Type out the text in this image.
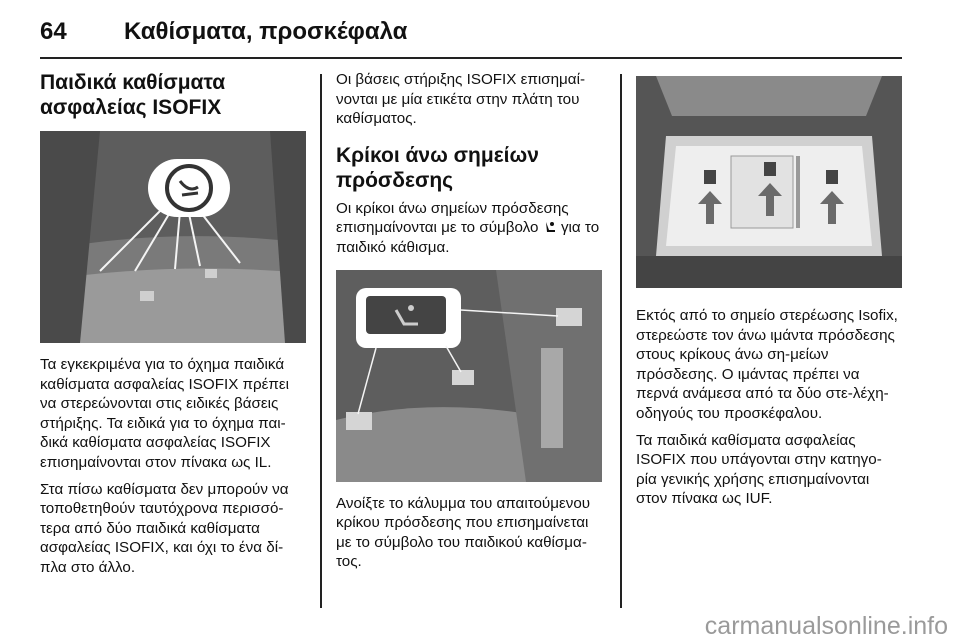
64 Καθίσματα, προσκέφαλα
Παιδικά καθίσματα ασφαλείας ISOFIX

Τα εγκεκριμένα για το όχημα παιδικά καθίσματα ασφαλείας ISOFIX πρέπει να στερεώνονται στις ειδικές βάσεις στήριξης. Τα ειδικά για το όχημα παι-δικά καθίσματα ασφαλείας ISOFIX επισημαίνονται στον πίνακα ως IL.

Στα πίσω καθίσματα δεν μπορούν να τοποθετηθούν ταυτόχρονα περισσό-τερα από δύο παιδικά καθίσματα ασφαλείας ISOFIX, και όχι το ένα δί-πλα στο άλλο.

Οι βάσεις στήριξης ISOFIX επισημαί-νονται με μία ετικέτα στην πλάτη του καθίσματος.

Κρίκοι άνω σημείων πρόσδεσης

Οι κρίκοι άνω σημείων πρόσδεσης επισημαίνονται με το σύμβολο για το παιδικό κάθισμα.

Ανοίξτε το κάλυμμα του απαιτούμενου κρίκου πρόσδεσης που επισημαίνεται με το σύμβολο του παιδικού καθίσμα-τος.

Εκτός από το σημείο στερέωσης Isofix, στερεώστε τον άνω ιμάντα πρόσδεσης στους κρίκους άνω ση-μείων πρόσδεσης. Ο ιμάντας πρέπει να περνά ανάμεσα από τα δύο στε-λέχη-οδηγούς του προσκέφαλου.

Τα παιδικά καθίσματα ασφαλείας ISOFIX που υπάγονται στην κατηγο-ρία γενικής χρήσης επισημαίνονται στον πίνακα ως IUF.

carmanualsonline.info
